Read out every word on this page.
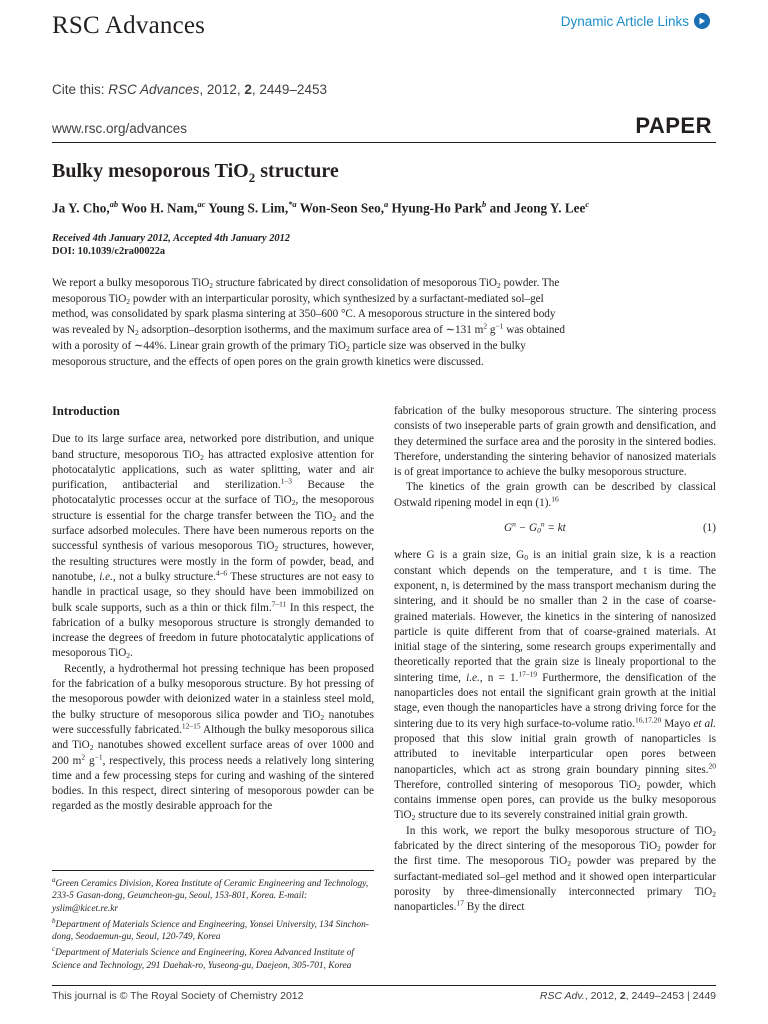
RSC Advances	Dynamic Article Links
Cite this: RSC Advances, 2012, 2, 2449–2453
www.rsc.org/advances	PAPER
Bulky mesoporous TiO$_2$ structure
Ja Y. Cho,$^{ab}$ Woo H. Nam,$^{ac}$ Young S. Lim,$^{*a}$ Won-Seon Seo,$^a$ Hyung-Ho Park$^b$ and Jeong Y. Lee$^c$
Received 4th January 2012, Accepted 4th January 2012
DOI: 10.1039/c2ra00022a
We report a bulky mesoporous TiO$_2$ structure fabricated by direct consolidation of mesoporous TiO$_2$ powder. The mesoporous TiO$_2$ powder with an interparticular porosity, which synthesized by a surfactant-mediated sol–gel method, was consolidated by spark plasma sintering at 350–600 °C. A mesoporous structure in the sintered body was revealed by $N_2$ adsorption–desorption isotherms, and the maximum surface area of ∼131 $m^2$ $g^{-1}$ was obtained with a porosity of ∼44%. Linear grain growth of the primary TiO$_2$ particle size was observed in the bulky mesoporous structure, and the effects of open pores on the grain growth kinetics were discussed.
Introduction

Due to its large surface area, networked pore distribution, and unique band structure, mesoporous TiO$_2$ has attracted explosive attention for photocatalytic applications, such as water splitting, water and air purification, antibacterial and sterilization.$^{1-3}$ Because the photocatalytic processes occur at the surface of TiO$_2$, the mesoporous structure is essential for the charge transfer between the TiO$_2$ and the surface adsorbed molecules. There have been numerous reports on the successful synthesis of various mesoporous TiO$_2$ structures, however, the resulting structures were mostly in the form of powder, bead, and nanotube, i.e., not a bulky structure.$^{4-6}$ These structures are not easy to handle in practical usage, so they should have been immobilized on bulk scale supports, such as a thin or thick film.$^{7-11}$ In this respect, the fabrication of a bulky mesoporous structure is strongly demanded to increase the degrees of freedom in future photocatalytic applications of mesoporous TiO$_2$.

Recently, a hydrothermal hot pressing technique has been proposed for the fabrication of a bulky mesoporous structure. By hot pressing of the mesoporous powder with deionized water in a stainless steel mold, the bulky structure of mesoporous silica powder and TiO$_2$ nanotubes were successfully fabricated.$^{12-15}$ Although the bulky mesoporous silica and TiO$_2$ nanotubes showed excellent surface areas of over 1000 and 200 $m^2$ $g^{-1}$, respectively, this process needs a relatively long sintering time and a few processing steps for curing and washing of the sintered bodies. In this respect, direct sintering of mesoporous powder can be regarded as the mostly desirable approach for the

fabrication of the bulky mesoporous structure. The sintering process consists of two inseperable parts of grain growth and densification, and they determined the surface area and the porosity in the sintered bodies. Therefore, understanding the sintering behavior of nanosized materials is of great importance to achieve the bulky mesoporous structure.

The kinetics of the grain growth can be described by classical Ostwald ripening model in eqn (1).$^{16}$

$G^n - G_0^n$ = kt	(1)

where G is a grain size, $G_0$ is an initial grain size, k is a reaction constant which depends on the temperature, and t is time. The exponent, n, is determined by the mass transport mechanism during the sintering, and it should be no smaller than 2 in the case of coarse-grained materials. However, the kinetics in the sintering of nanosized particle is quite different from that of coarse-grained materials. At initial stage of the sintering, some research groups experimentally and theoretically reported that the grain size is linealy proportional to the sintering time, i.e., n = 1.$^{17-19}$ Furthermore, the densification of the nanoparticles does not entail the significant grain growth at the initial stage, even though the nanoparticles have a strong driving force for the sintering due to its very high surface-to-volume ratio.$^{16,17,20}$ Mayo et al. proposed that this slow initial grain growth of nanoparticles is attributed to inevitable interparticular open pores between nanoparticles, which act as strong grain boundary pinning sites.$^{20}$ Therefore, controlled sintering of mesoporous TiO$_2$ powder, which contains immense open pores, can provide us the bulky mesoporous TiO$_2$ structure due to its severely constrained initial grain growth.

In this work, we report the bulky mesoporous structure of TiO$_2$ fabricated by the direct sintering of the mesoporous TiO$_2$ powder for the first time. The mesoporous TiO$_2$ powder was prepared by the surfactant-mediated sol–gel method and it showed open interparticular porosity by three-dimensionally interconnected primary TiO$_2$ nanoparticles.$^{17}$ By the direct

$^a$Green Ceramics Division, Korea Institute of Ceramic Engineering and Technology, 233-5 Gasan-dong, Geumcheon-gu, Seoul, 153-801, Korea. E-mail: yslim@kicet.re.kr

$^b$Department of Materials Science and Engineering, Yonsei University, 134 Sinchon-dong, Seodaemun-gu, Seoul, 120-749, Korea

$^c$Department of Materials Science and Engineering, Korea Advanced Institute of Science and Technology, 291 Daehak-ro, Yuseong-gu, Daejeon, 305-701, Korea

This journal is © The Royal Society of Chemistry 2012	RSC Adv., 2012, 2, 2449–2453 | 2449
